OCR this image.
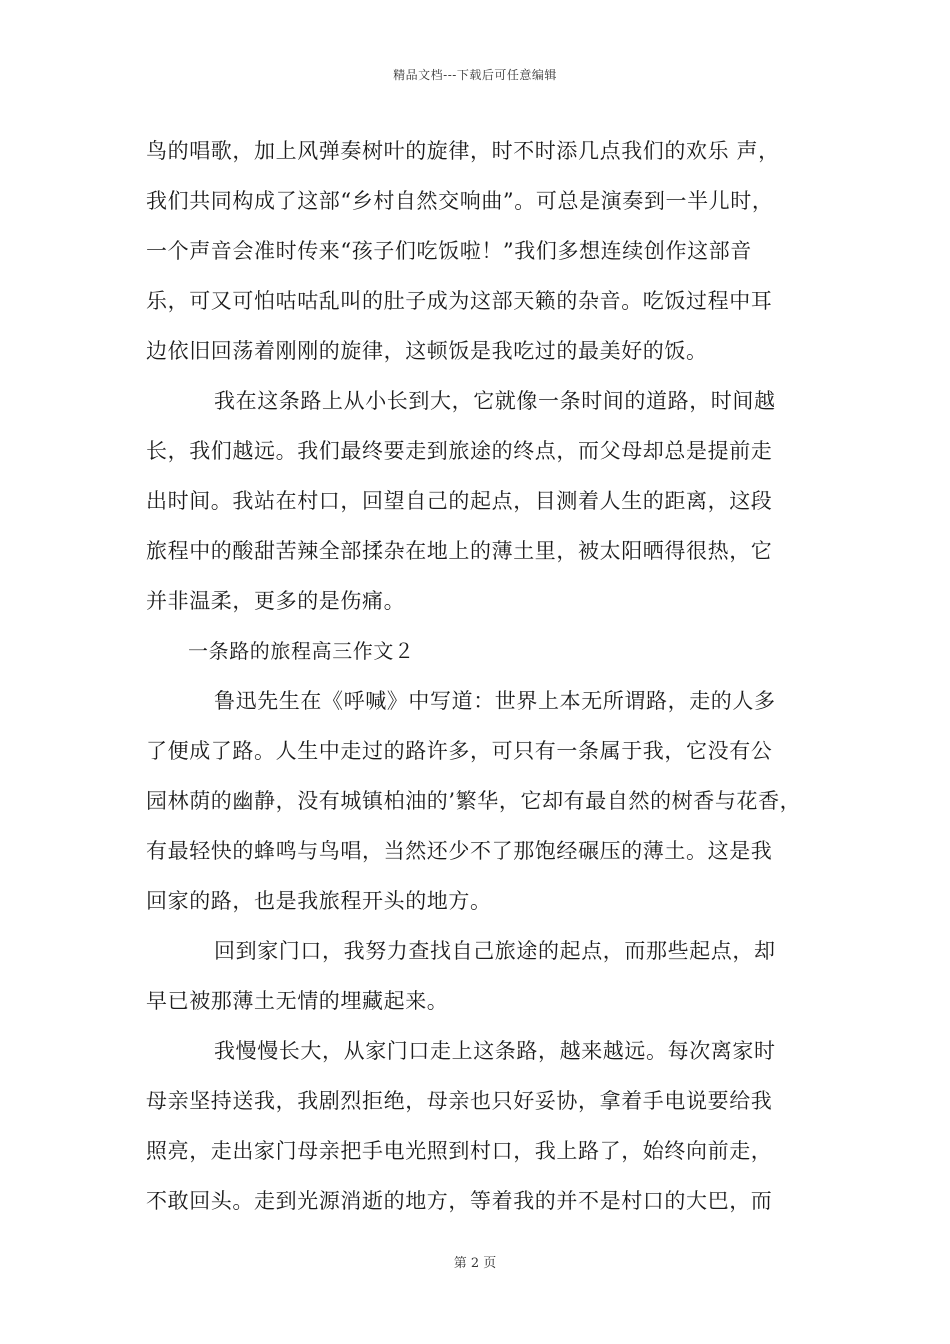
精品文档---下载后可任意编辑
鸟的唱歌，加上风弹奏树叶的旋律，时不时添几点我们的欢乐 声，
我们共同构成了这部“乡村自然交响曲”。可总是演奏到一半儿时，
一个声音会准时传来“孩子们吃饭啦！”我们多想连续创作这部音
乐，可又可怕咕咕乱叫的肚子成为这部天籁的杂音。吃饭过程中耳
边依旧回荡着刚刚的旋律，这顿饭是我吃过的最美好的饭。
我在这条路上从小长到大，它就像一条时间的道路，时间越
长，我们越远。我们最终要走到旅途的终点，而父母却总是提前走
出时间。我站在村口，回望自己的起点，目测着人生的距离，这段
旅程中的酸甜苦辣全部揉杂在地上的薄土里，被太阳晒得很热，它
并非温柔，更多的是伤痛。
一条路的旅程高三作文２
鲁迅先生在《呼喊》中写道：世界上本无所谓路，走的人多
了便成了路。人生中走过的路许多，可只有一条属于我，它没有公
园林荫的幽静，没有城镇柏油的’繁华，它却有最自然的树香与花香，
有最轻快的蜂鸣与鸟唱，当然还少不了那饱经碾压的薄土。这是我
回家的路，也是我旅程开头的地方。
回到家门口，我努力查找自己旅途的起点，而那些起点，却
早已被那薄土无情的埋藏起来。
我慢慢长大，从家门口走上这条路，越来越远。每次离家时
母亲坚持送我，我剧烈拒绝，母亲也只好妥协，拿着手电说要给我
照亮，走出家门母亲把手电光照到村口，我上路了，始终向前走，
不敢回头。走到光源消逝的地方，等着我的并不是村口的大巴，而
第 2 页
